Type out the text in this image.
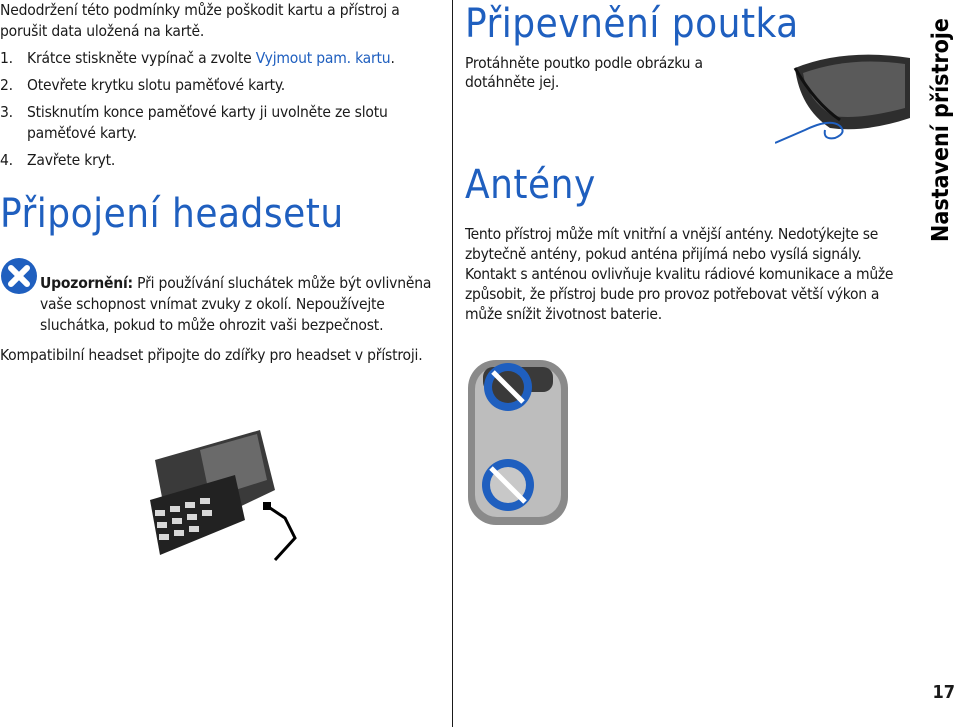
Nedodržení této podmínky může poškodit kartu a přístroj a porušit data uložená na kartě.

1. Krátce stiskněte vypínač a zvolte Vyjmout pam. kartu.
2. Otevřete krytku slotu paměťové karty.
3. Stisknutím konce paměťové karty ji uvolněte ze slotu paměťové karty.
4. Zavřete kryt.
Připojení headsetu

Upozornění: Při používání sluchátek může být ovlivněna vaše schopnost vnímat zvuky z okolí. Nepoužívejte sluchátka, pokud to může ohrozit vaši bezpečnost.

Kompatibilní headset připojte do zdířky pro headset v přístroji.

Připevnění poutka

Protáhněte poutko podle obrázku a dotáhněte jej.

Antény

Tento přístroj může mít vnitřní a vnější antény. Nedotýkejte se zbytečně antény, pokud anténa přijímá nebo vysílá signály. Kontakt s anténou ovlivňuje kvalitu rádiové komunikace a může způsobit, že přístroj bude pro provoz potřebovat větší výkon a může snížit životnost baterie.

Nastavení přístroje
17
